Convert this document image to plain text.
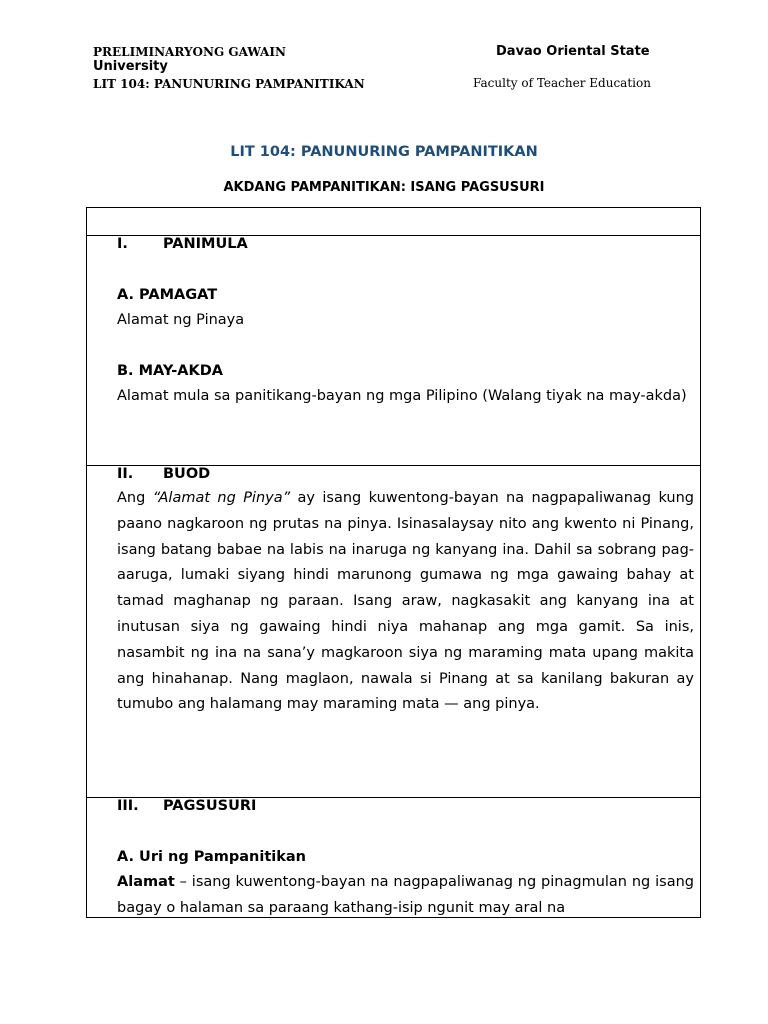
PRELIMINARYONG GAWAIN
University
LIT 104: PANUNURING PAMPANITIKAN
Davao Oriental State
Faculty of Teacher Education
LIT 104: PANUNURING PAMPANITIKAN
AKDANG PAMPANITIKAN: ISANG PAGSUSURI
I. PANIMULA
A. PAMAGAT
Alamat ng Pinaya
B. MAY-AKDA
Alamat mula sa panitikang-bayan ng mga Pilipino (Walang tiyak na may-akda)
II. BUOD
Ang “Alamat ng Pinya” ay isang kuwentong-bayan na nagpapaliwanag kung paano nagkaroon ng prutas na pinya. Isinasalaysay nito ang kwento ni Pinang, isang batang babae na labis na inaruga ng kanyang ina. Dahil sa sobrang pag-aaruga, lumaki siyang hindi marunong gumawa ng mga gawaing bahay at tamad maghanap ng paraan. Isang araw, nagkasakit ang kanyang ina at inutusan siya ng gawaing hindi niya mahanap ang mga gamit. Sa inis, nasambit ng ina na sana’y magkaroon siya ng maraming mata upang makita ang hinahanap. Nang maglaon, nawala si Pinang at sa kanilang bakuran ay tumubo ang halamang may maraming mata — ang pinya.
III. PAGSUSURI
A. Uri ng Pampanitikan
Alamat – isang kuwentong-bayan na nagpapaliwanag ng pinagmulan ng isang bagay o halaman sa paraang kathang-isip ngunit may aral na
